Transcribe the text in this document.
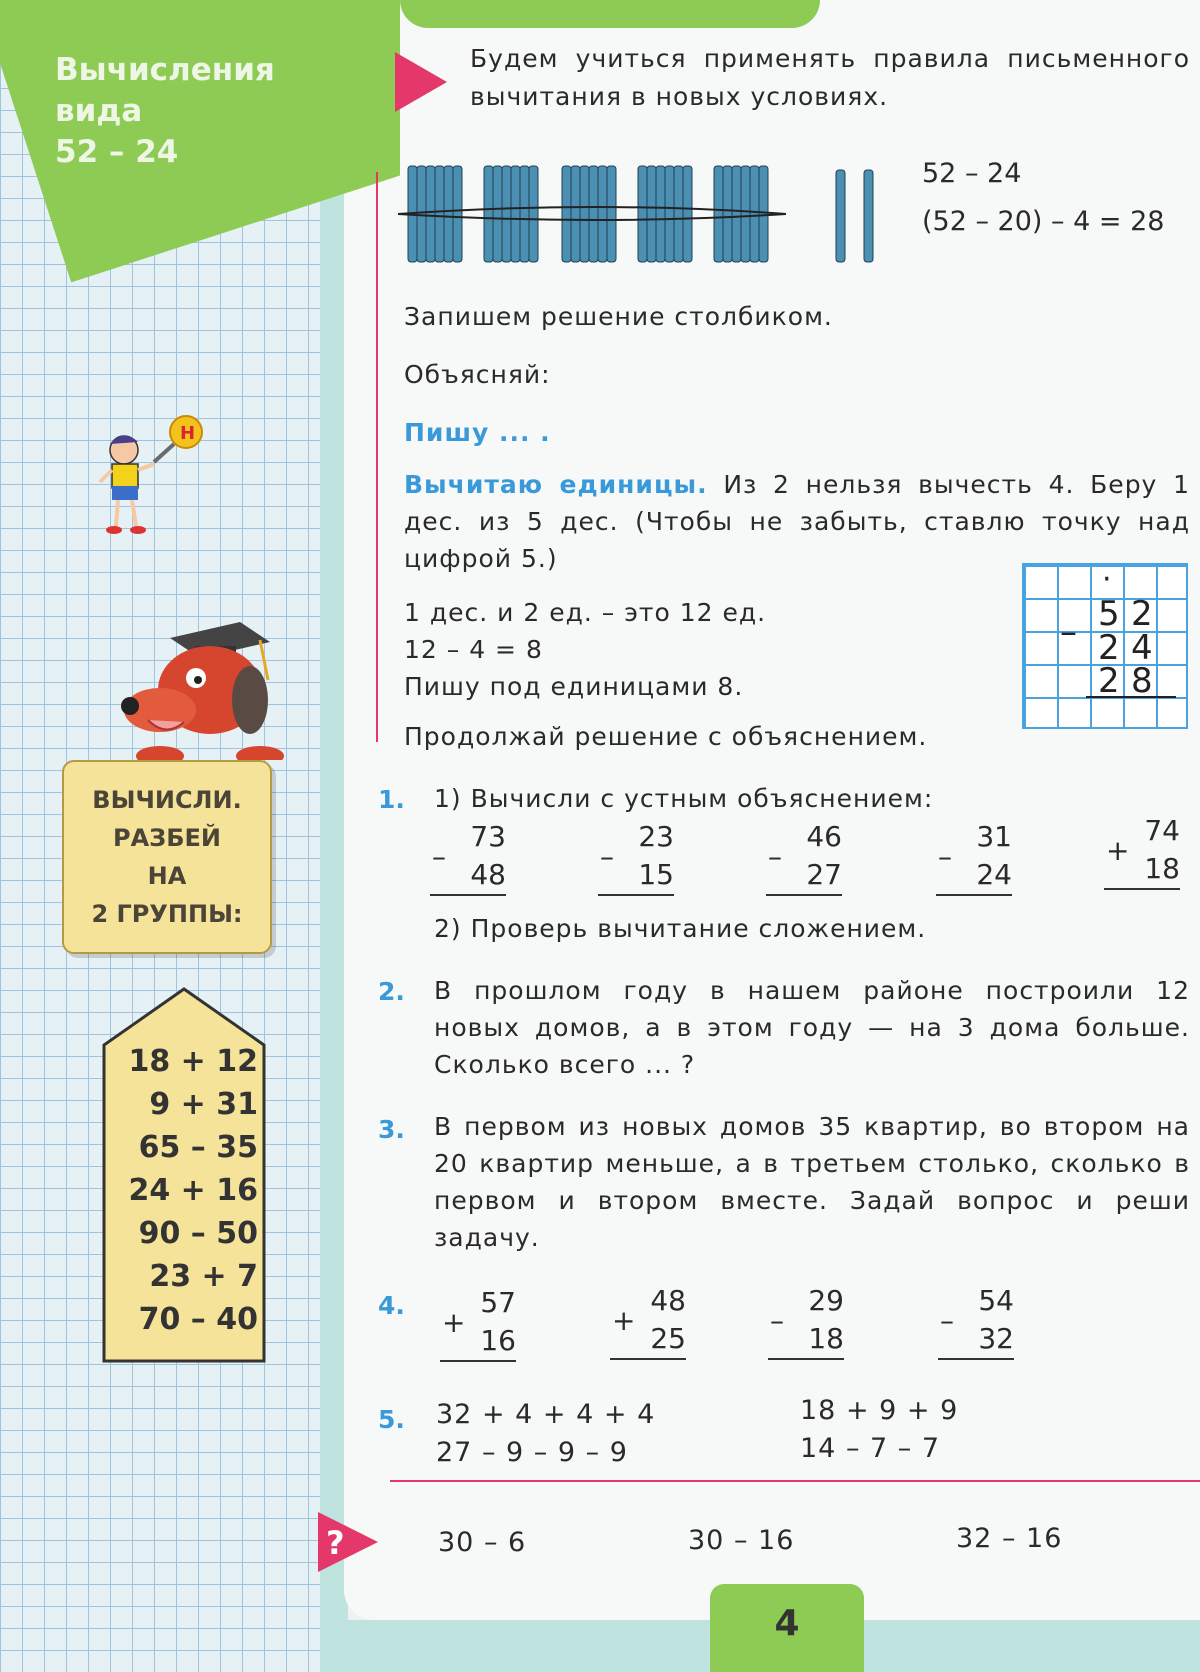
Вычисления
вида
52 – 24
Н
ВЫЧИСЛИ.
РАЗБЕЙ
НА
2 ГРУППЫ:
18 + 12
9 + 31
65 – 35
24 + 16
90 – 50
23 + 7
70 – 40

Будем учиться применять правила письменного вычитания в новых условиях.

52 – 24
(52 – 20) – 4 = 28

Запишем решение столбиком.

Объясняй:

Пишу ... .

Вычитаю единицы. Из 2 нельзя вычесть 4. Беру 1 дес. из 5 дес. (Чтобы не забыть, ставлю точку над цифрой 5.)

1 дес. и 2 ед. – это 12 ед.

12 – 4 = 8

Пишу под единицами 8.

Продолжай решение с объяснением.

·
– 5 2
2 4
2 8

1. 1) Вычисли с устным объяснением:

–
73
48
–
23
15
–
46
27
–
31
24
+
74
18

2) Проверь вычитание сложением.

2. В прошлом году в нашем районе построили 12 новых домов, а в этом году — на 3 дома больше. Сколько всего ... ?

3. В первом из новых домов 35 квартир, во втором на 20 квартир меньше, а в третьем столько, сколько в первом и втором вместе. Задай вопрос и реши задачу.

4.

+
57
16
+
48
25
–
29
18
–
54
32

5. 32 + 4 + 4 + 4

27 – 9 – 9 – 9

18 + 9 + 9

14 – 7 – 7

?	30 – 6	30 – 16	32 – 16

4
